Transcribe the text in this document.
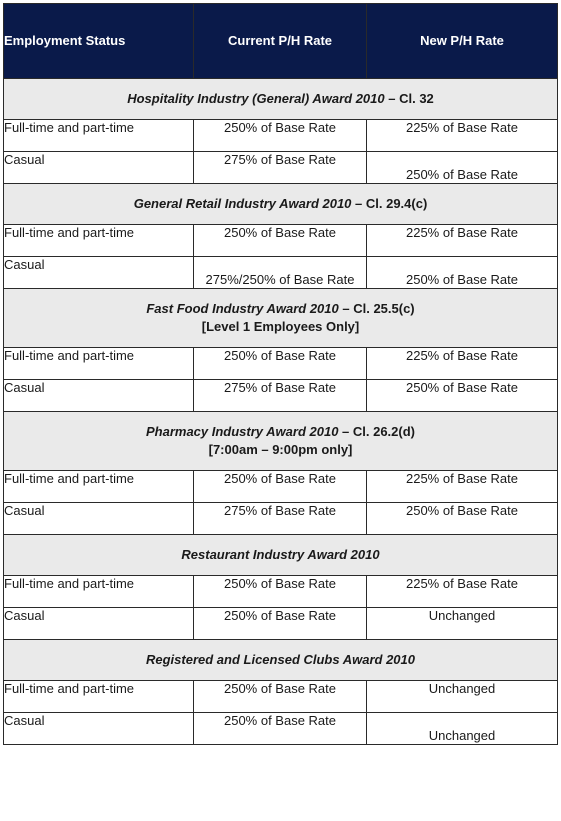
Employment Status	Current P/H Rate	New P/H Rate
Hospitality Industry (General) Award 2010 – Cl. 32		
Full-time and part-time	250% of Base Rate	225% of Base Rate
Casual	275% of Base Rate	250% of Base Rate
General Retail Industry Award 2010 – Cl. 29.4(c)		
Full-time and part-time	250% of Base Rate	225% of Base Rate
Casual	275%/250% of Base Rate	250% of Base Rate
Fast Food Industry Award 2010 – Cl. 25.5(c)
[Level 1 Employees Only]		

Full-time and part-time	250% of Base Rate	225% of Base Rate
Casual	275% of Base Rate	250% of Base Rate
Pharmacy Industry Award 2010 – Cl. 26.2(d)
[7:00am – 9:00pm only]		

Full-time and part-time	250% of Base Rate	225% of Base Rate
Casual	275% of Base Rate	250% of Base Rate
Restaurant Industry Award 2010		
Full-time and part-time	250% of Base Rate	225% of Base Rate
Casual	250% of Base Rate	Unchanged
Registered and Licensed Clubs Award 2010		
Full-time and part-time	250% of Base Rate	Unchanged
Casual	250% of Base Rate	Unchanged
